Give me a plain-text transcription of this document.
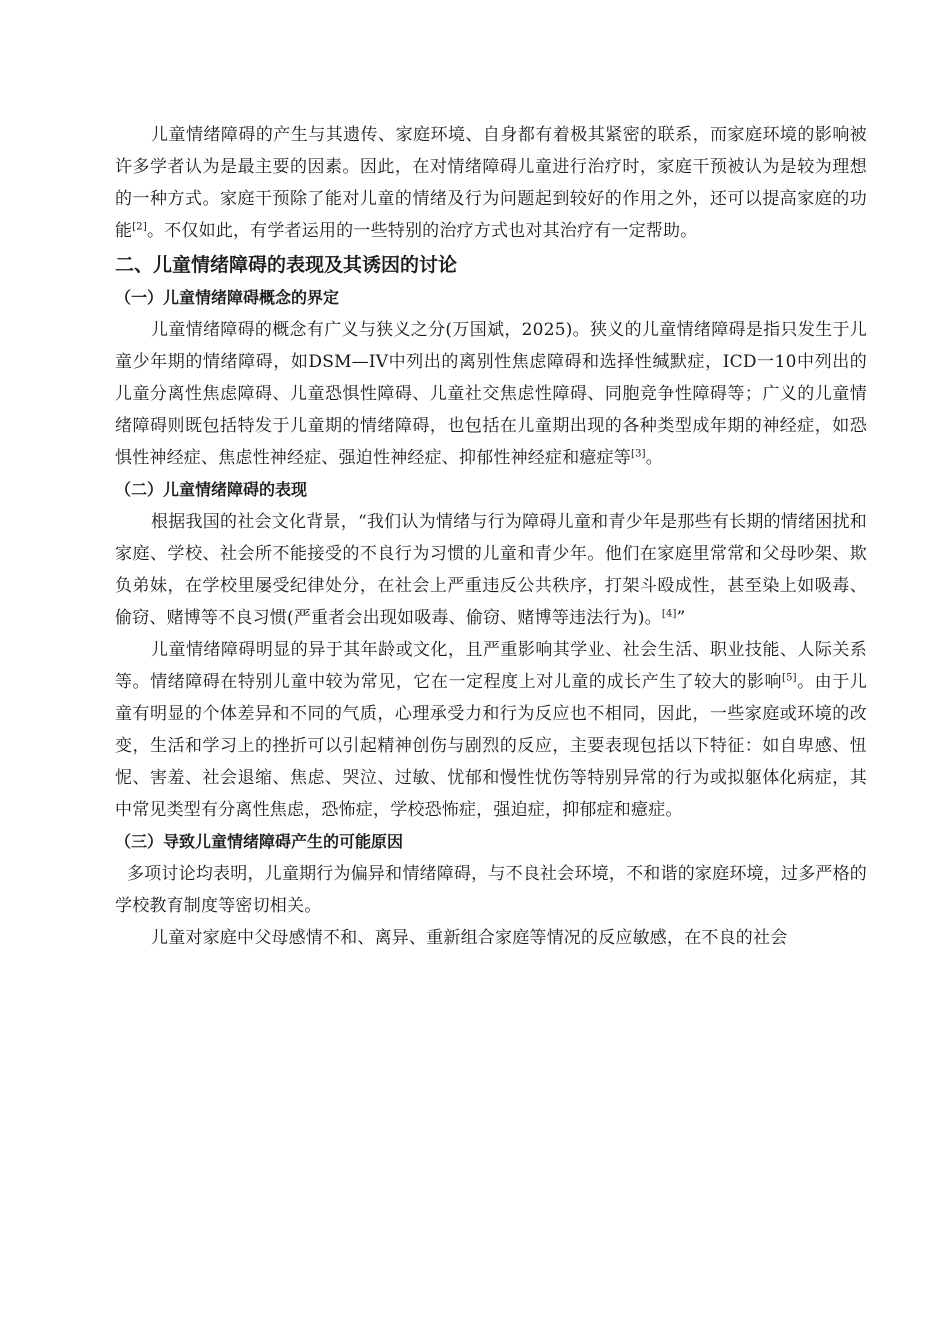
儿童情绪障碍的产生与其遗传、家庭环境、自身都有着极其紧密的联系，而家庭环境的影响被许多学者认为是最主要的因素。因此，在对情绪障碍儿童进行治疗时，家庭干预被认为是较为理想的一种方式。家庭干预除了能对儿童的情绪及行为问题起到较好的作用之外，还可以提高家庭的功能[2]。不仅如此，有学者运用的一些特别的治疗方式也对其治疗有一定帮助。

二、儿童情绪障碍的表现及其诱因的讨论
（一）儿童情绪障碍概念的界定

儿童情绪障碍的概念有广义与狭义之分(万国斌，2025)。狭义的儿童情绪障碍是指只发生于儿童少年期的情绪障碍，如DSM—IV中列出的离别性焦虑障碍和选择性缄默症，ICD一10中列出的儿童分离性焦虑障碍、儿童恐惧性障碍、儿童社交焦虑性障碍、同胞竞争性障碍等；广义的儿童情绪障碍则既包括特发于儿童期的情绪障碍，也包括在儿童期出现的各种类型成年期的神经症，如恐惧性神经症、焦虑性神经症、强迫性神经症、抑郁性神经症和癔症等[3]。

（二）儿童情绪障碍的表现

根据我国的社会文化背景，“我们认为情绪与行为障碍儿童和青少年是那些有长期的情绪困扰和家庭、学校、社会所不能接受的不良行为习惯的儿童和青少年。他们在家庭里常常和父母吵架、欺负弟妹，在学校里屡受纪律处分，在社会上严重违反公共秩序，打架斗殴成性，甚至染上如吸毒、偷窃、赌博等不良习惯(严重者会出现如吸毒、偷窃、赌博等违法行为)。[4]”

儿童情绪障碍明显的异于其年龄或文化，且严重影响其学业、社会生活、职业技能、人际关系等。情绪障碍在特别儿童中较为常见，它在一定程度上对儿童的成长产生了较大的影响[5]。由于儿童有明显的个体差异和不同的气质，心理承受力和行为反应也不相同，因此，一些家庭或环境的改变，生活和学习上的挫折可以引起精神创伤与剧烈的反应，主要表现包括以下特征：如自卑感、忸怩、害羞、社会退缩、焦虑、哭泣、过敏、忧郁和慢性忧伤等特别异常的行为或拟躯体化病症，其中常见类型有分离性焦虑，恐怖症，学校恐怖症，强迫症，抑郁症和癔症。

（三）导致儿童情绪障碍产生的可能原因

多项讨论均表明，儿童期行为偏异和情绪障碍，与不良社会环境，不和谐的家庭环境，过多严格的学校教育制度等密切相关。

儿童对家庭中父母感情不和、离异、重新组合家庭等情况的反应敏感，在不良的社会
